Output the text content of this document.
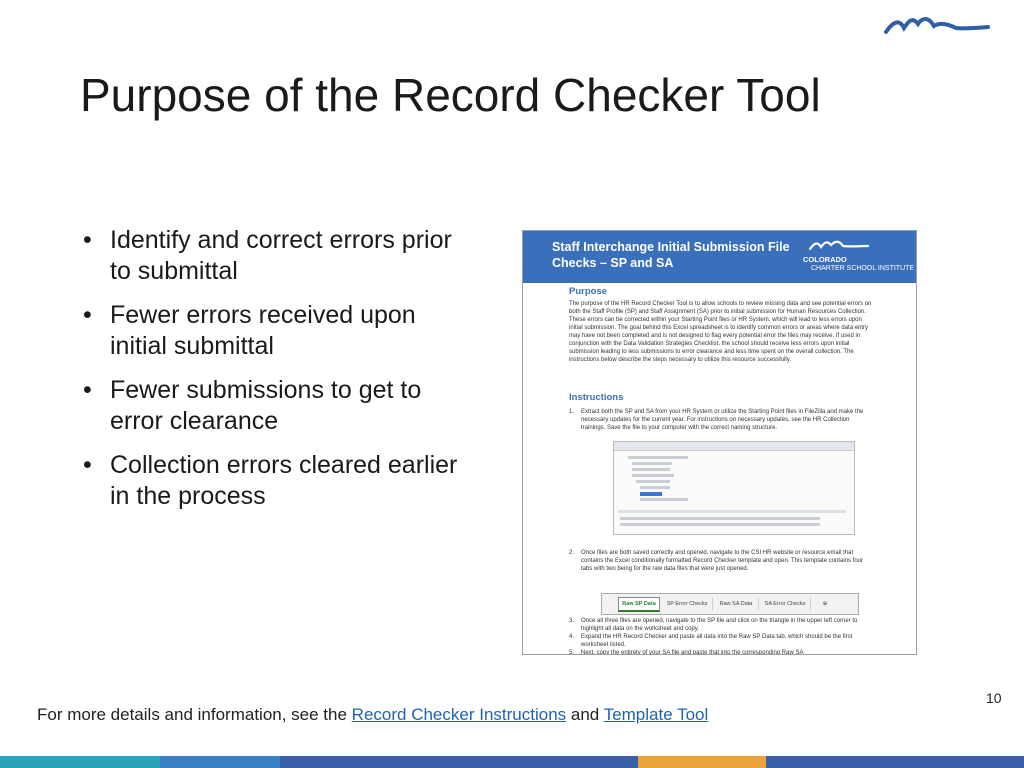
Purpose of the Record Checker Tool
• Identify and correct errors prior to submittal
• Fewer errors received upon initial submittal
• Fewer submissions to get to error clearance
• Collection errors cleared earlier in the process
Staff Interchange Initial Submission File Checks – SP and SA	COLORADO
CHARTER SCHOOL INSTITUTE
Purpose
The purpose of the HR Record Checker Tool is to allow schools to review missing data and see potential errors on both the Staff Profile (SP) and Staff Assignment (SA) prior to initial submission for Human Resources Collection. These errors can be corrected within your Starting Point files or HR System, which will lead to less errors upon initial submission. The goal behind this Excel spreadsheet is to identify common errors or areas where data entry may have not been completed and is not designed to flag every potential error the files may receive. If used in conjunction with the Data Validation Strategies Checklist, the school should receive less errors upon initial submission leading to less submissions to error clearance and less time spent on the overall collection. The instructions below describe the steps necessary to utilize this resource successfully.
Instructions
1. Extract both the SP and SA from your HR System or utilize the Starting Point files in FileZilla and make the necessary updates for the current year. For instructions on necessary updates, see the HR Collection trainings. Save the file to your computer with the correct naming structure.
2. Once files are both saved correctly and opened, navigate to the CSI HR website or resource email that contains the Excel conditionally formatted Record Checker template and open. This template contains four tabs with two being for the raw data files that were just opened.
Raw SP Data	SP Error Checks	Raw SA Data	SA Error Checks	⊕
3. Once all three files are opened, navigate to the SP file and click on the triangle in the upper left corner to highlight all data on the worksheet and copy.
4. Expand the HR Record Checker and paste all data into the Raw SP Data tab, which should be the first worksheet listed.
5. Next, copy the entirety of your SA file and paste that into the corresponding Raw SA
10
For more details and information, see the Record Checker Instructions and Template Tool
